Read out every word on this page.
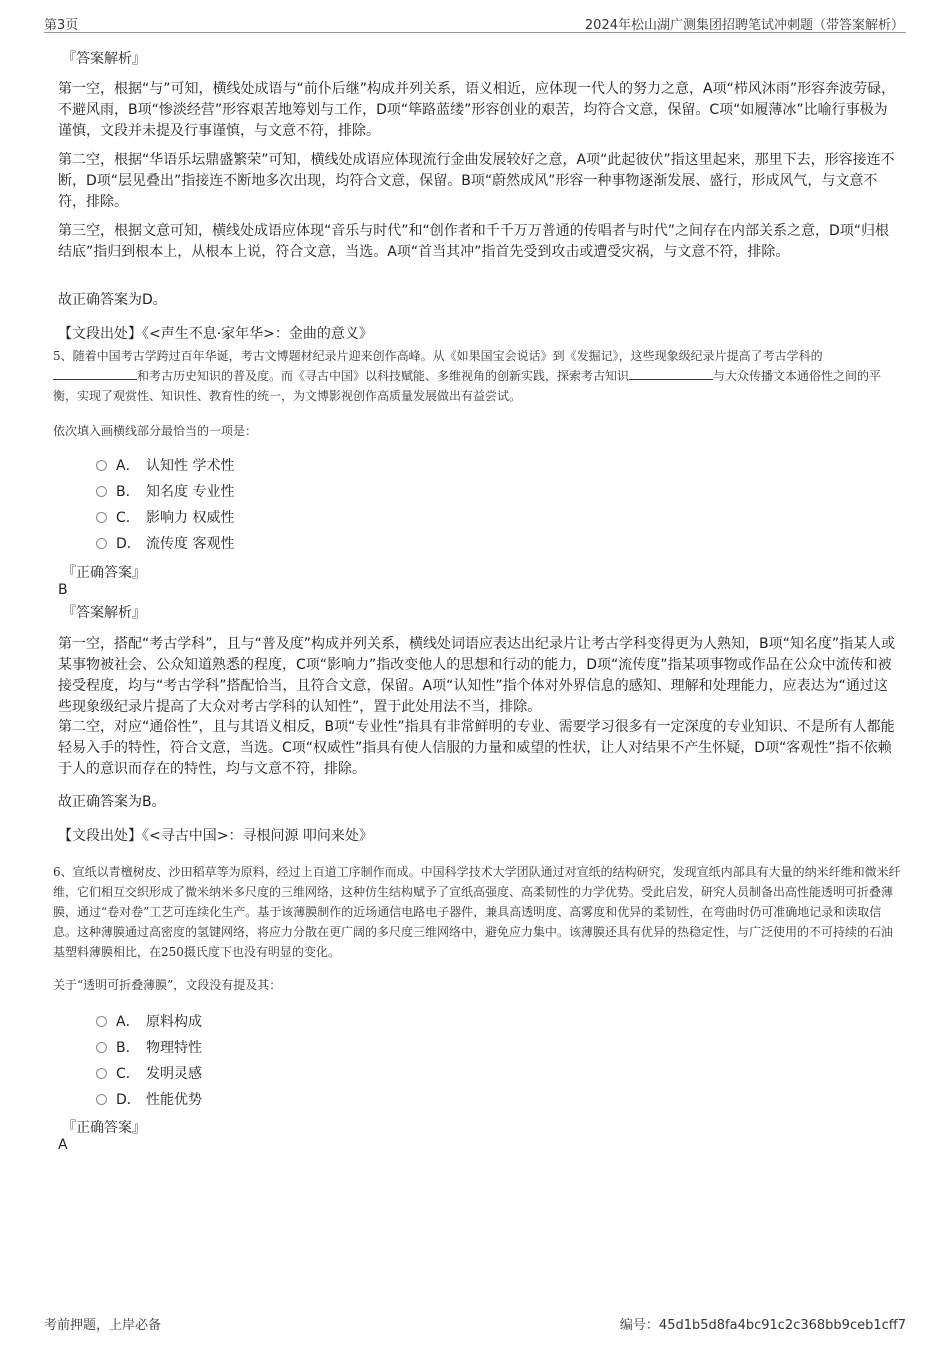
第3页	2024年松山湖广测集团招聘笔试冲刺题（带答案解析）
『答案解析』

第一空，根据“与”可知，横线处成语与“前仆后继”构成并列关系，语义相近，应体现一代人的努力之意，A项“栉风沐雨”形容奔波劳碌，不避风雨，B项“惨淡经营”形容艰苦地筹划与工作，D项“筚路蓝缕”形容创业的艰苦，均符合文意，保留。C项“如履薄冰”比喻行事极为谨慎，文段并未提及行事谨慎，与文意不符，排除。

第二空，根据“华语乐坛鼎盛繁荣”可知，横线处成语应体现流行金曲发展较好之意，A项“此起彼伏”指这里起来，那里下去，形容接连不断，D项“层见叠出”指接连不断地多次出现，均符合文意，保留。B项“蔚然成风”形容一种事物逐渐发展、盛行，形成风气，与文意不符，排除。

第三空，根据文意可知，横线处成语应体现“音乐与时代”和“创作者和千千万万普通的传唱者与时代”之间存在内部关系之意，D项“归根结底”指归到根本上，从根本上说，符合文意，当选。A项“首当其冲”指首先受到攻击或遭受灾祸，与文意不符，排除。

故正确答案为D。

【文段出处】《<声生不息·家年华>：金曲的意义》

5、随着中国考古学跨过百年华诞，考古文博题材纪录片迎来创作高峰。从《如果国宝会说话》到《发掘记》，这些现象级纪录片提高了考古学科的和考古历史知识的普及度。而《寻古中国》以科技赋能、多维视角的创新实践，探索考古知识	与大众传播文本通俗性之间的平衡，实现了观赏性、知识性、教育性的统一，为文博影视创作高质量发展做出有益尝试。

依次填入画横线部分最恰当的一项是：

A． 认知性 学术性
B． 知名度 专业性
C． 影响力 权威性
D． 流传度 客观性
『正确答案』
B
『答案解析』

第一空，搭配“考古学科”，且与“普及度”构成并列关系，横线处词语应表达出纪录片让考古学科变得更为人熟知，B项“知名度”指某人或某事物被社会、公众知道熟悉的程度，C项“影响力”指改变他人的思想和行动的能力，D项“流传度”指某项事物或作品在公众中流传和被接受程度，均与“考古学科”搭配恰当，且符合文意，保留。A项“认知性”指个体对外界信息的感知、理解和处理能力，应表达为“通过这些现象级纪录片提高了大众对考古学科的认知性”，置于此处用法不当，排除。

第二空，对应“通俗性”，且与其语义相反，B项“专业性”指具有非常鲜明的专业、需要学习很多有一定深度的专业知识、不是所有人都能轻易入手的特性，符合文意，当选。C项“权威性”指具有使人信服的力量和威望的性状，让人对结果不产生怀疑，D项“客观性”指不依赖于人的意识而存在的特性，均与文意不符，排除。

故正确答案为B。

【文段出处】《<寻古中国>：寻根问源 叩问来处》

6、宣纸以青檀树皮、沙田稻草等为原料，经过上百道工序制作而成。中国科学技术大学团队通过对宣纸的结构研究，发现宣纸内部具有大量的纳米纤维和微米纤维，它们相互交织形成了微米纳米多尺度的三维网络，这种仿生结构赋予了宣纸高强度、高柔韧性的力学优势。受此启发，研究人员制备出高性能透明可折叠薄膜，通过“卷对卷”工艺可连续化生产。基于该薄膜制作的近场通信电路电子器件，兼具高透明度、高雾度和优异的柔韧性，在弯曲时仍可准确地记录和读取信息。这种薄膜通过高密度的氢键网络，将应力分散在更广阔的多尺度三维网络中，避免应力集中。该薄膜还具有优异的热稳定性，与广泛使用的不可持续的石油基塑料薄膜相比，在250摄氏度下也没有明显的变化。

关于“透明可折叠薄膜”，文段没有提及其：

A． 原料构成
B． 物理特性
C． 发明灵感
D． 性能优势
『正确答案』
A
考前押题，上岸必备	编号：45d1b5d8fa4bc91c2c368bb9ceb1cff7
